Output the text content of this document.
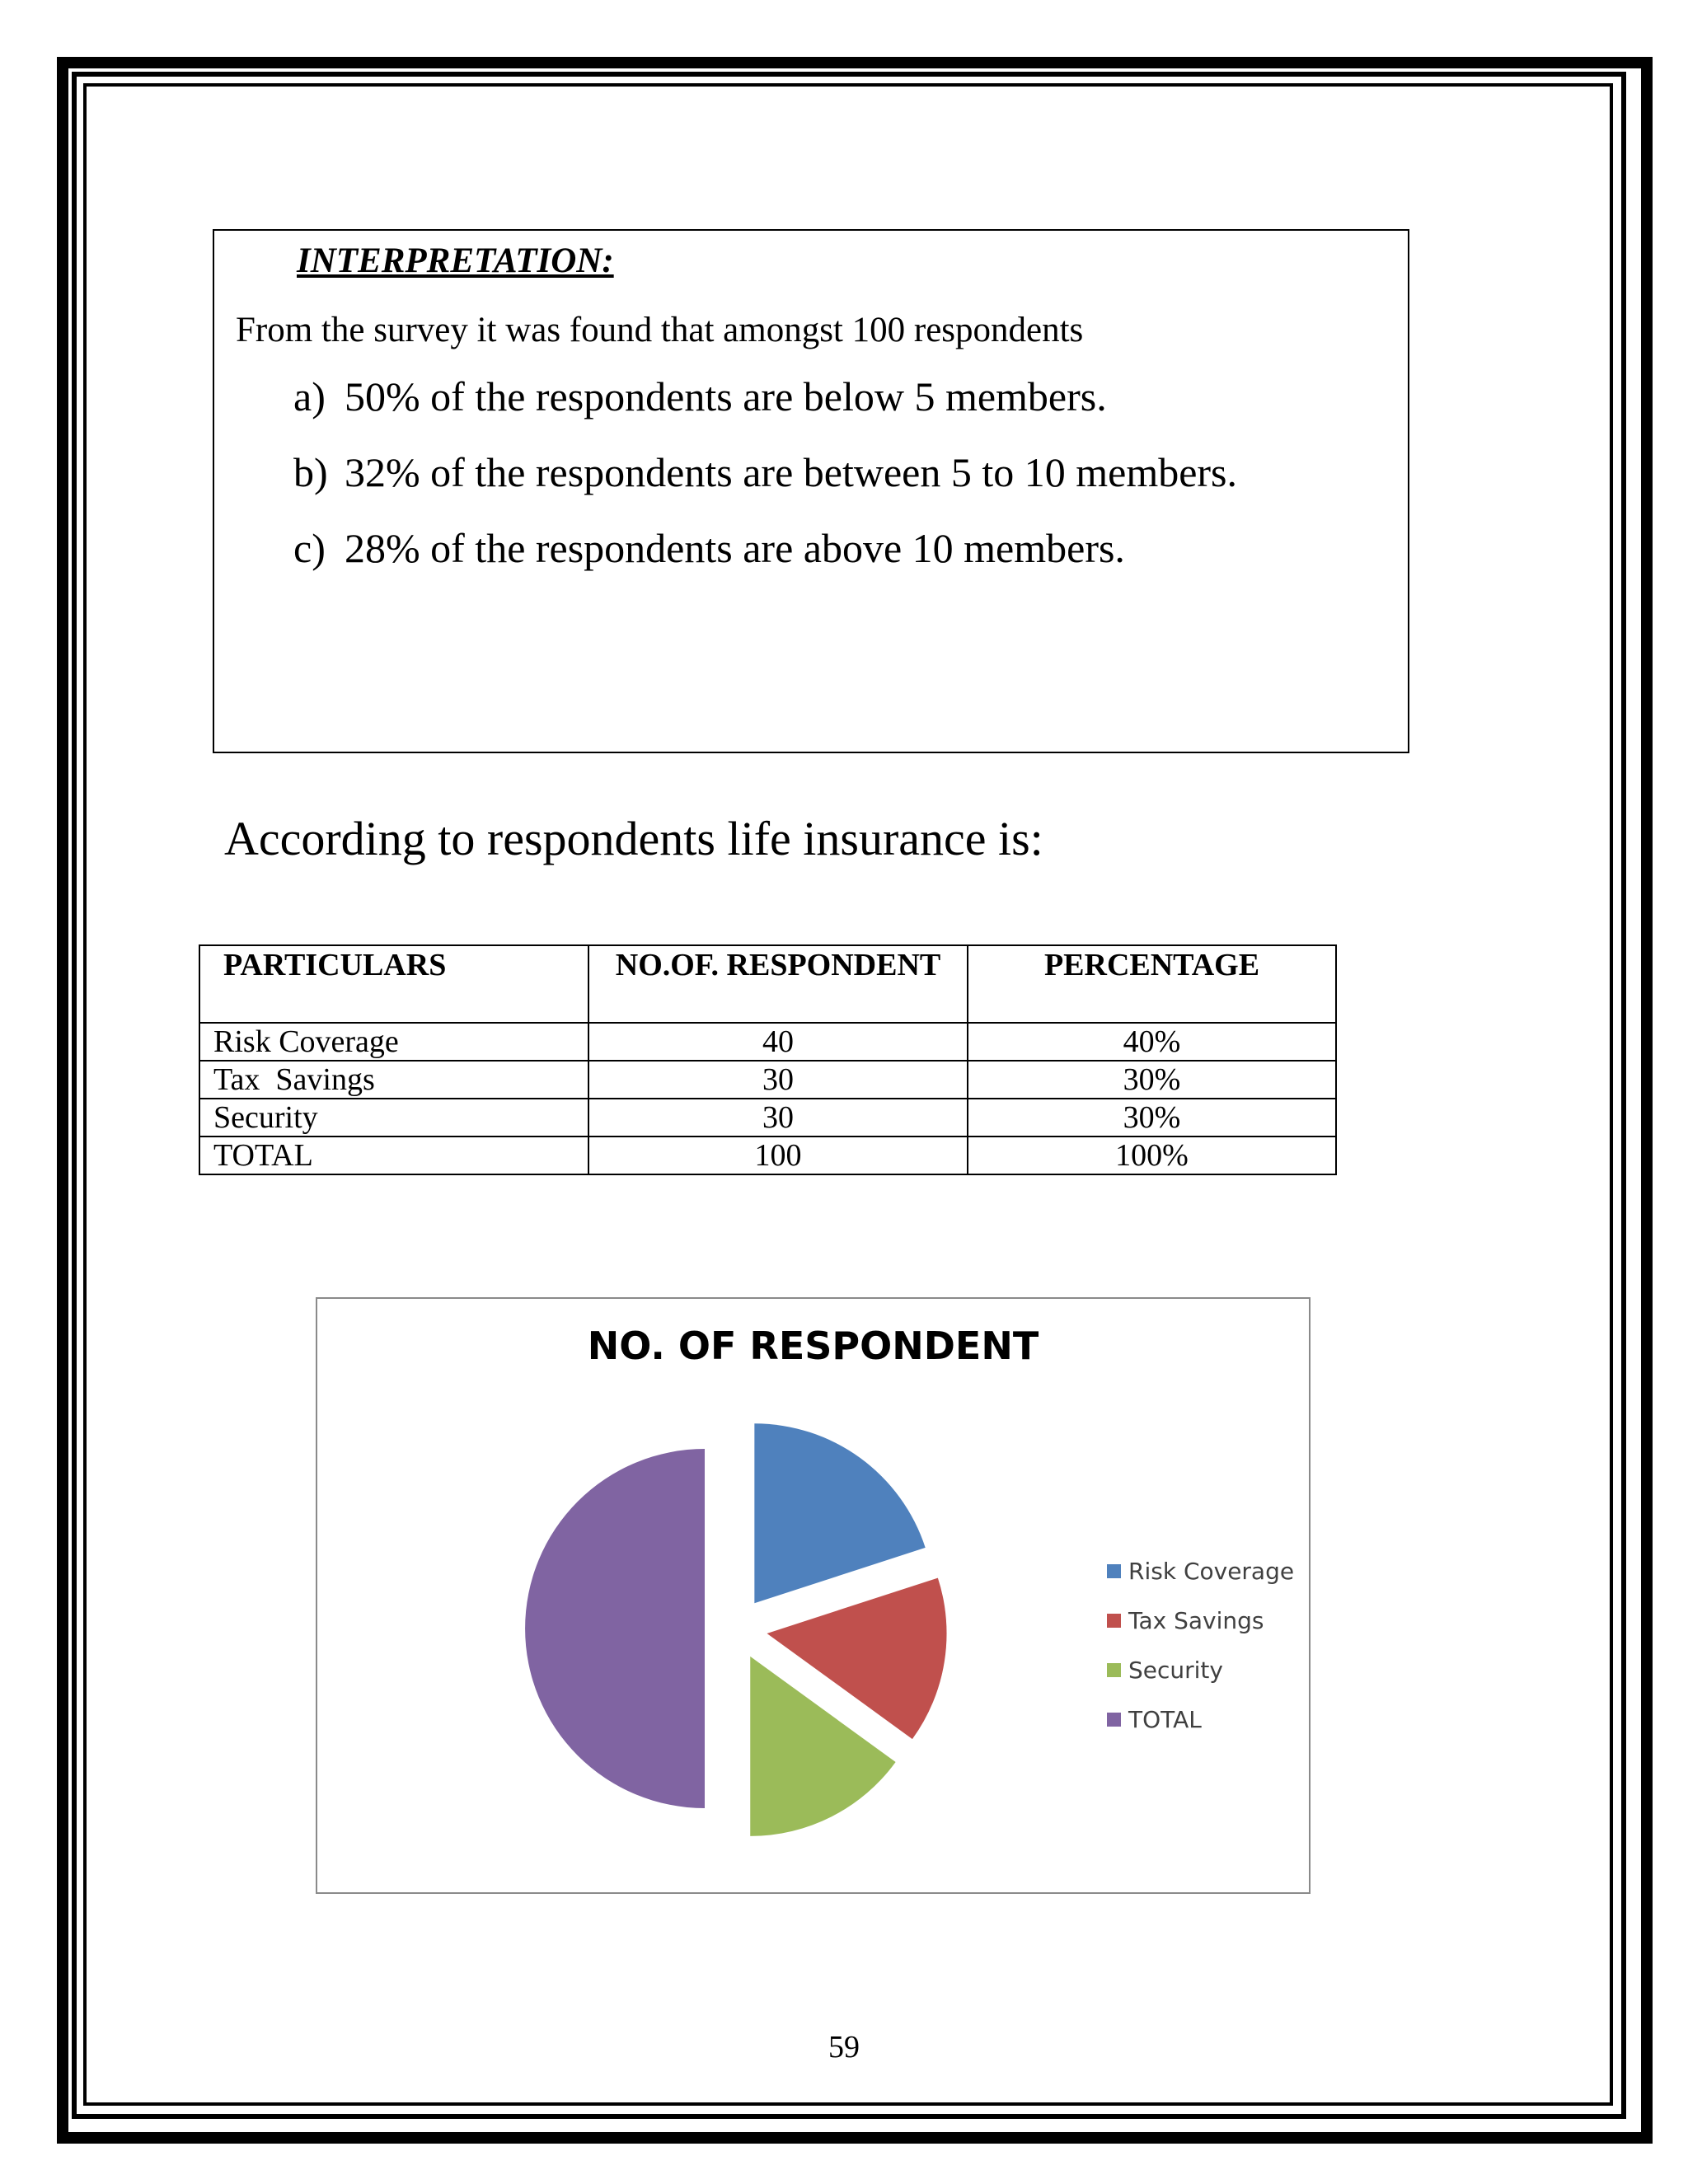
INTERPRETATION:
From the survey it was found that amongst 100 respondents
a) 50% of the respondents are below 5 members.
b) 32% of the respondents are between 5 to 10 members.
c) 28% of the respondents are above 10 members.
According to respondents life insurance is:
PARTICULARS	NO.OF. RESPONDENT	PERCENTAGE
Risk Coverage	40	40%
Tax  Savings	30	30%
Security	30	30%
TOTAL	100	100%
NO. OF RESPONDENT
Risk Coverage
Tax Savings
Security
TOTAL
59
